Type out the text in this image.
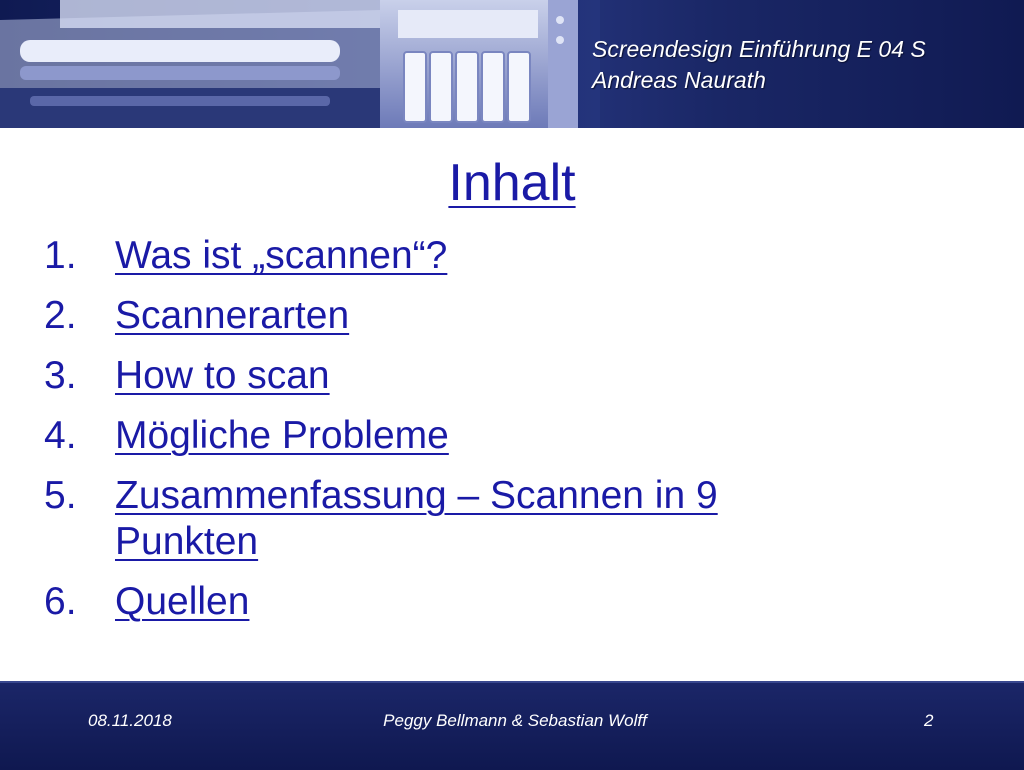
Screendesign Einführung E 04 S
Andreas Naurath
Inhalt
1. Was ist „scannen“?
2. Scannerarten
3. How to scan
4. Mögliche Probleme
5. Zusammenfassung – Scannen in 9 Punkten
6. Quellen
08.11.2018	Peggy Bellmann & Sebastian Wolff	2
